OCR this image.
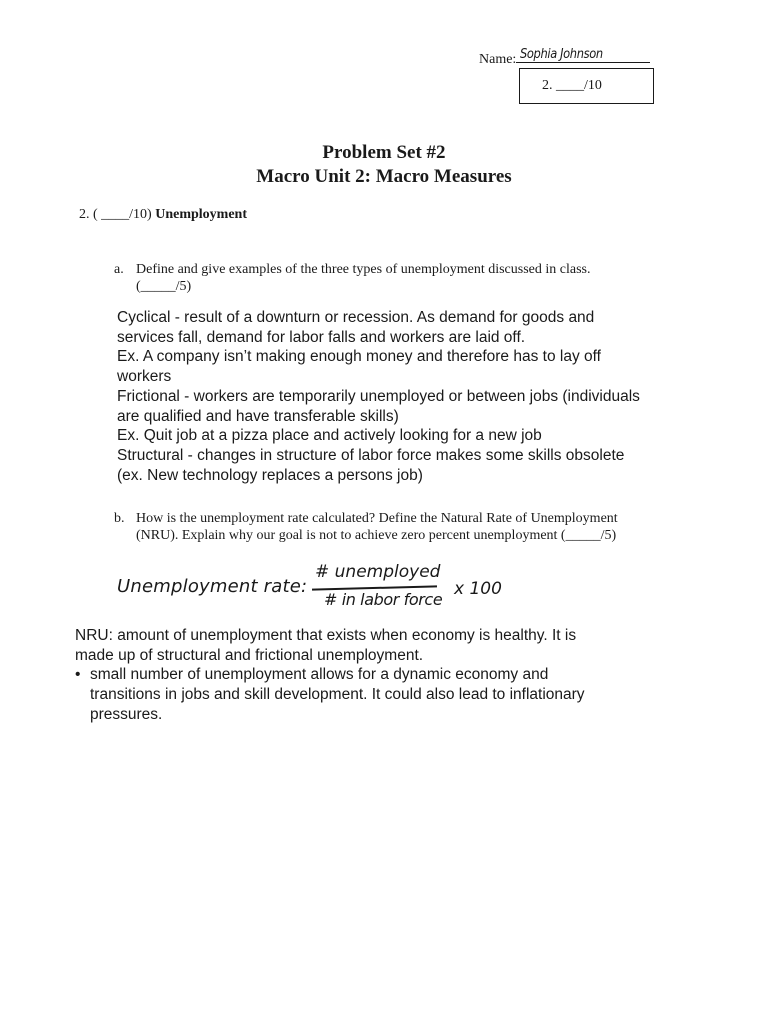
Name: Sophia Johnson
2. ____/10
Problem Set #2
Macro Unit 2: Macro Measures
2. ( ____/10) Unemployment
a. Define and give examples of the three types of unemployment discussed in class.
(_____/5)
Cyclical - result of a downturn or recession. As demand for goods and
services fall, demand for labor falls and workers are laid off.
Ex. A company isn’t making enough money and therefore has to lay off
workers
Frictional - workers are temporarily unemployed or between jobs (individuals
are qualified and have transferable skills)
Ex. Quit job at a pizza place and actively looking for a new job
Structural - changes in structure of labor force makes some skills obsolete
(ex. New technology replaces a persons job)
b. How is the unemployment rate calculated? Define the Natural Rate of Unemployment
(NRU). Explain why our goal is not to achieve zero percent unemployment (_____/5)
Unemployment rate:
# unemployed
# in labor force
x 100
NRU: amount of unemployment that exists when economy is healthy. It is
made up of structural and frictional unemployment.
• small number of unemployment allows for a dynamic economy and
transitions in jobs and skill development. It could also lead to inflationary
pressures.
